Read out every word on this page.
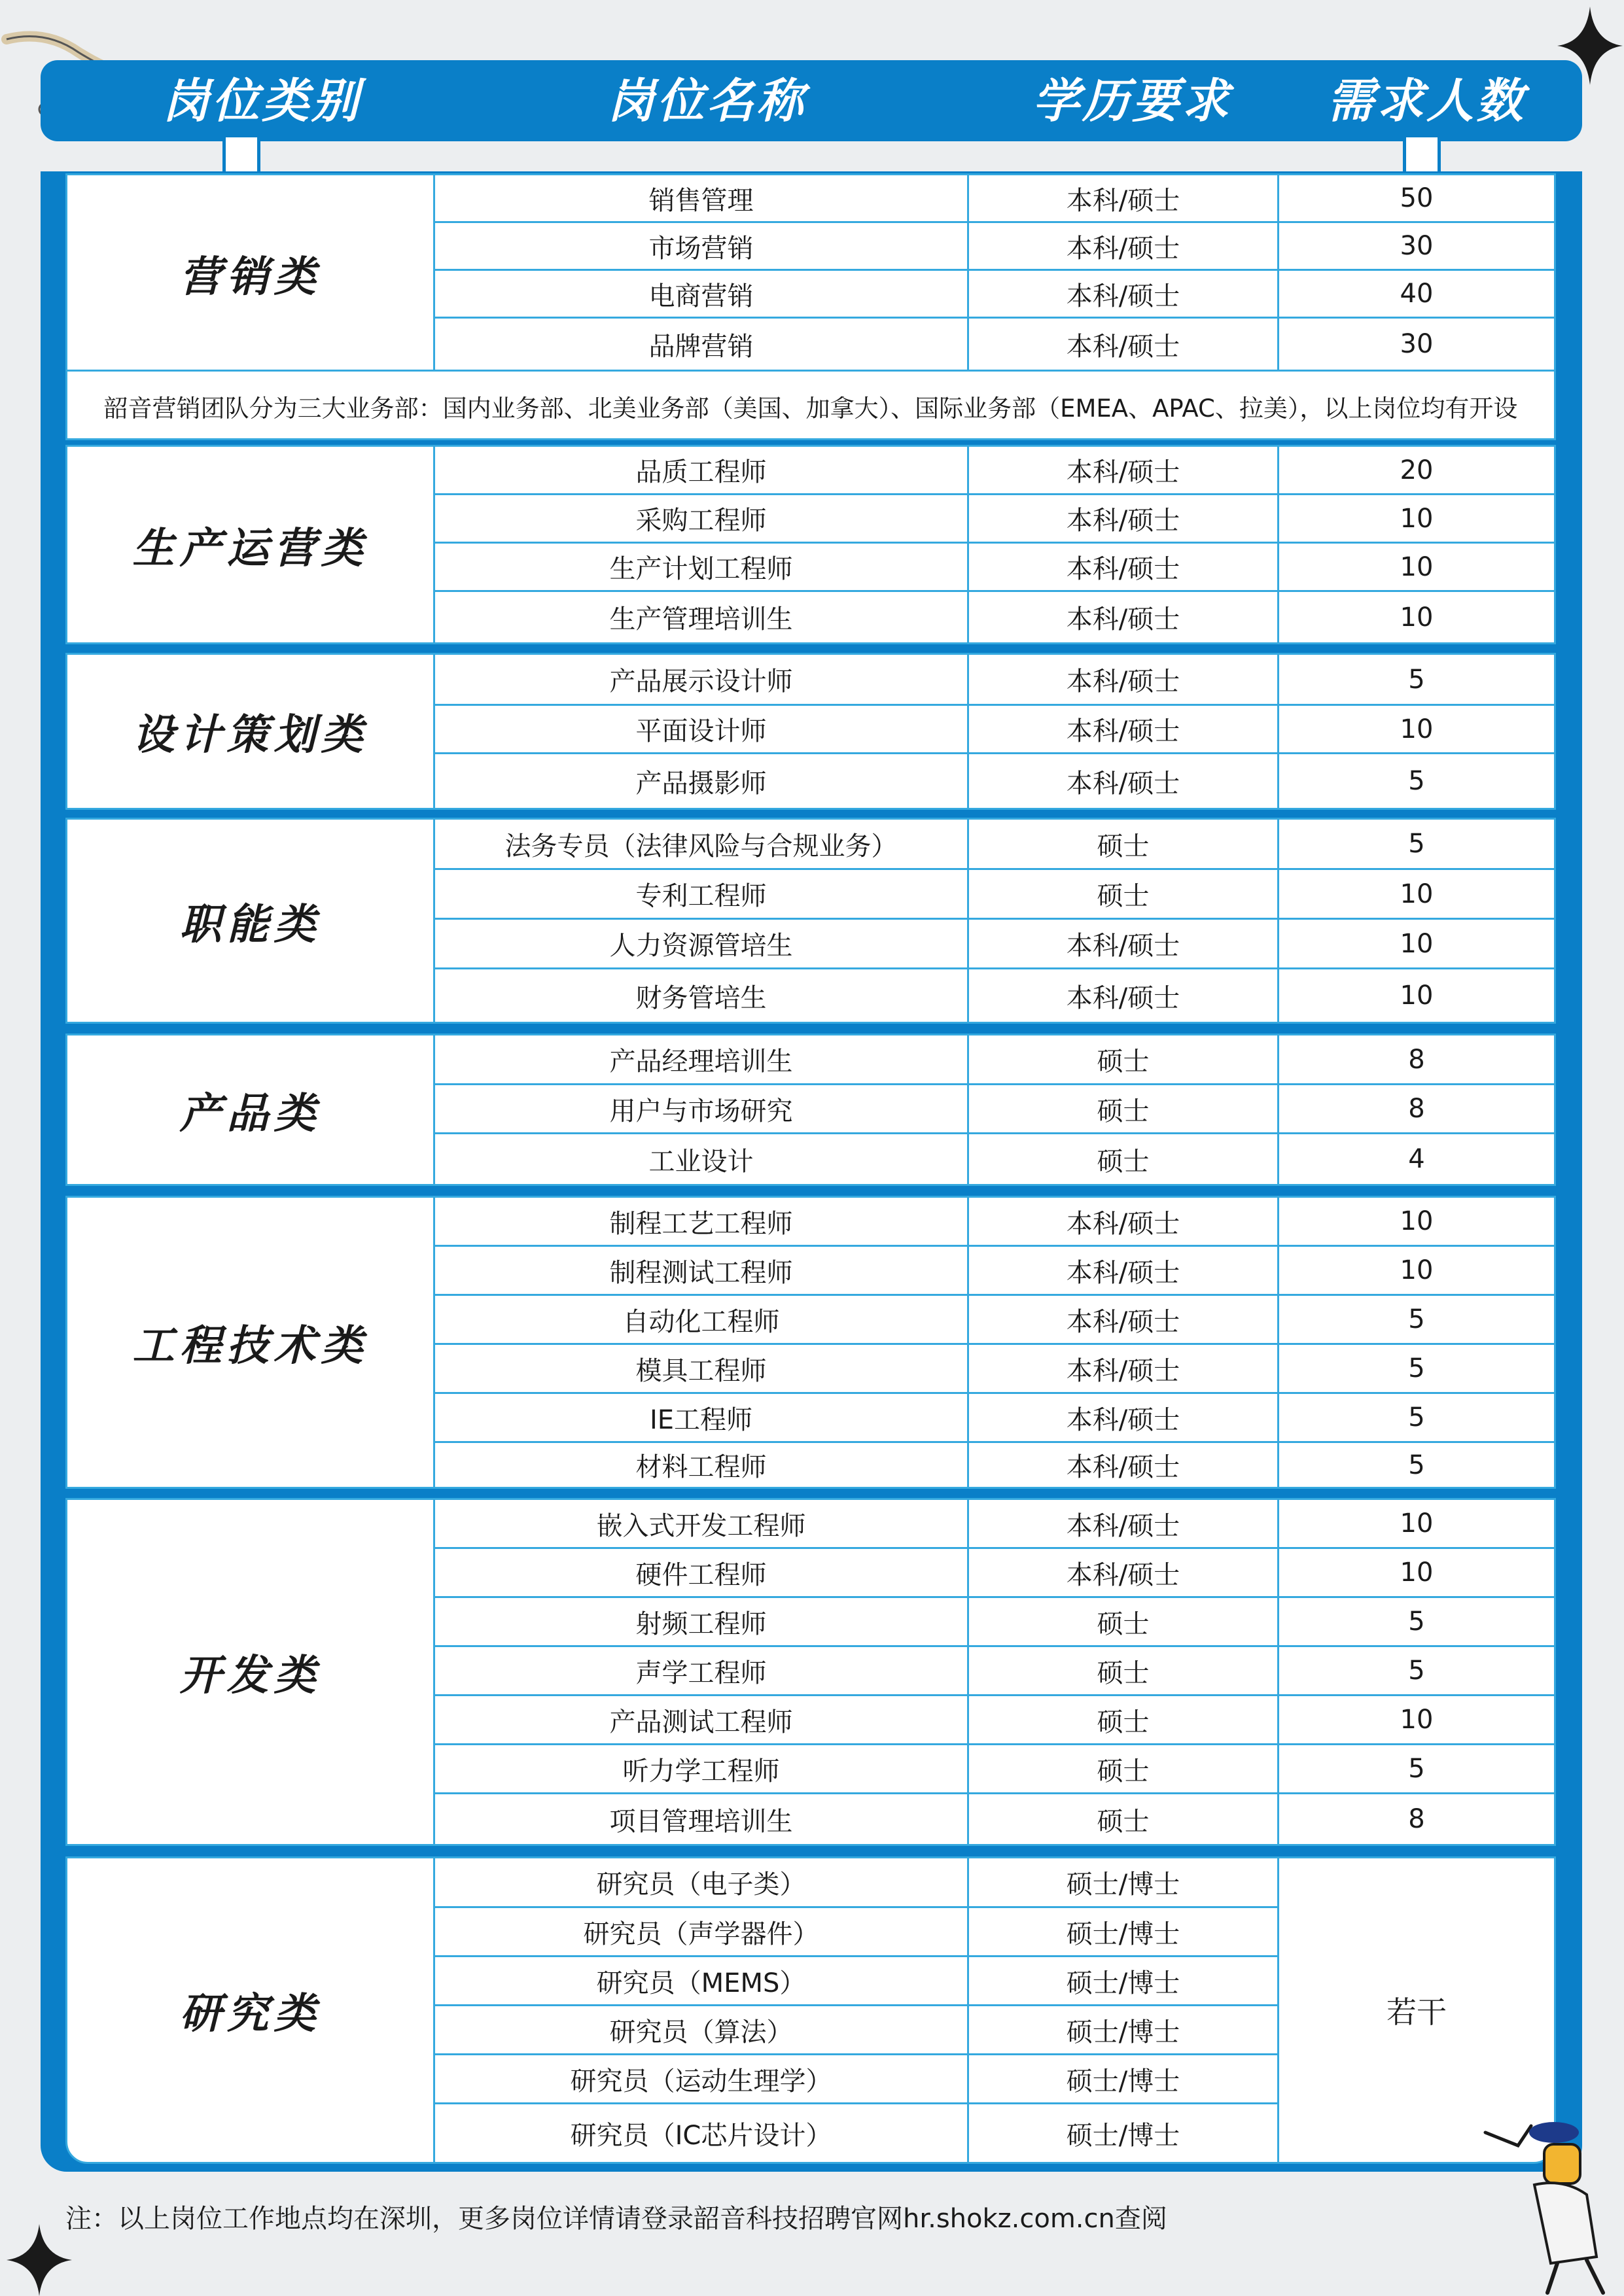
岗位类别	岗位名称	学历要求	需求人数
营销类
销售管理	本科/硕士	50
市场营销	本科/硕士	30
电商营销	本科/硕士	40
品牌营销	本科/硕士	30
韶音营销团队分为三大业务部：国内业务部、北美业务部（美国、加拿大）、国际业务部（EMEA、APAC、拉美），以上岗位均有开设
生产运营类
品质工程师	本科/硕士	20
采购工程师	本科/硕士	10
生产计划工程师	本科/硕士	10
生产管理培训生	本科/硕士	10
设计策划类
产品展示设计师	本科/硕士	5
平面设计师	本科/硕士	10
产品摄影师	本科/硕士	5
职能类
法务专员（法律风险与合规业务）	硕士	5
专利工程师	硕士	10
人力资源管培生	本科/硕士	10
财务管培生	本科/硕士	10
产品类
产品经理培训生	硕士	8
用户与市场研究	硕士	8
工业设计	硕士	4
工程技术类
制程工艺工程师	本科/硕士	10
制程测试工程师	本科/硕士	10
自动化工程师	本科/硕士	5
模具工程师	本科/硕士	5
IE工程师	本科/硕士	5
材料工程师	本科/硕士	5
开发类
嵌入式开发工程师	本科/硕士	10
硬件工程师	本科/硕士	10
射频工程师	硕士	5
声学工程师	硕士	5
产品测试工程师	硕士	10
听力学工程师	硕士	5
项目管理培训生	硕士	8
研究类
研究员（电子类）	硕士/博士
研究员（声学器件）	硕士/博士
研究员（MEMS）	硕士/博士
研究员（算法）	硕士/博士
研究员（运动生理学）	硕士/博士
研究员（IC芯片设计）	硕士/博士
若干
注：以上岗位工作地点均在深圳，更多岗位详情请登录韶音科技招聘官网hr.shokz.com.cn查阅
